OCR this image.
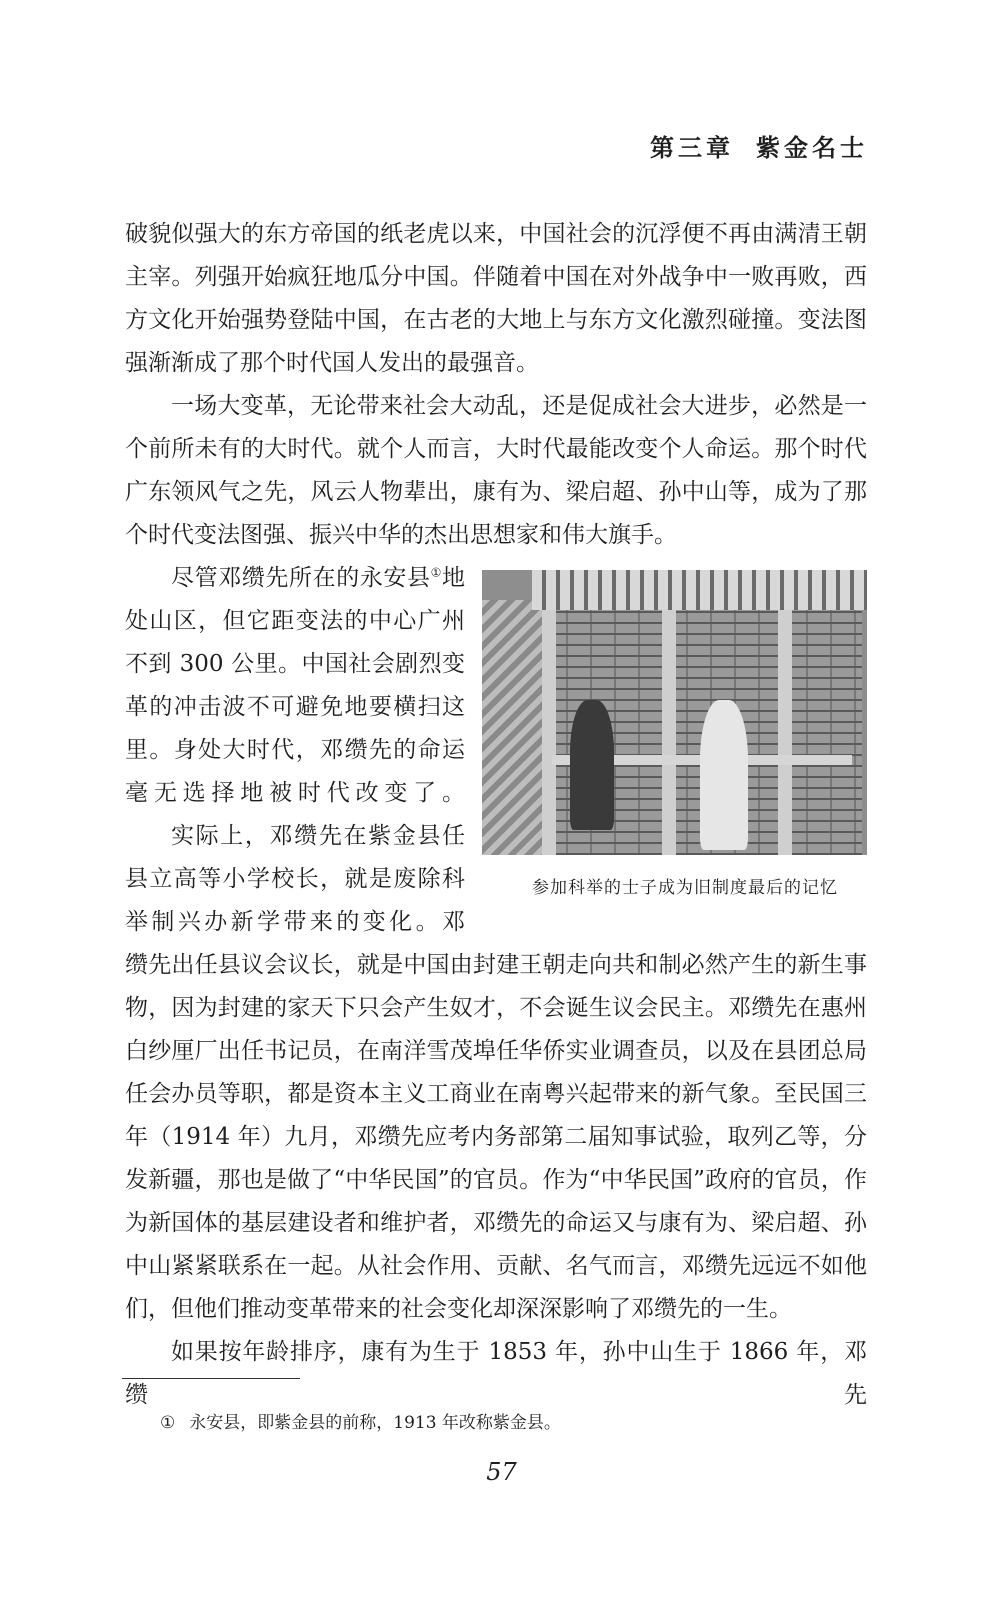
第三章 紫金名士

破貌似强大的东方帝国的纸老虎以来，中国社会的沉浮便不再由满清王朝主宰。列强开始疯狂地瓜分中国。伴随着中国在对外战争中一败再败，西方文化开始强势登陆中国，在古老的大地上与东方文化激烈碰撞。变法图强渐渐成了那个时代国人发出的最强音。

一场大变革，无论带来社会大动乱，还是促成社会大进步，必然是一个前所未有的大时代。就个人而言，大时代最能改变个人命运。那个时代广东领风气之先，风云人物辈出，康有为、梁启超、孙中山等，成为了那个时代变法图强、振兴中华的杰出思想家和伟大旗手。

尽管邓缵先所在的永安县①地处山区，但它距变法的中心广州不到 300 公里。中国社会剧烈变革的冲击波不可避免地要横扫这里。身处大时代，邓缵先的命运毫无选择地被时代改变了。

实际上，邓缵先在紫金县任县立高等小学校长，就是废除科举制兴办新学带来的变化。邓

缵先出任县议会议长，就是中国由封建王朝走向共和制必然产生的新生事物，因为封建的家天下只会产生奴才，不会诞生议会民主。邓缵先在惠州白纱厘厂出任书记员，在南洋雪茂埠任华侨实业调查员，以及在县团总局任会办员等职，都是资本主义工商业在南粤兴起带来的新气象。至民国三年（1914 年）九月，邓缵先应考内务部第二届知事试验，取列乙等，分发新疆，那也是做了“中华民国”的官员。作为“中华民国”政府的官员，作为新国体的基层建设者和维护者，邓缵先的命运又与康有为、梁启超、孙中山紧紧联系在一起。从社会作用、贡献、名气而言，邓缵先远远不如他们，但他们推动变革带来的社会变化却深深影响了邓缵先的一生。

如果按年龄排序，康有为生于 1853 年，孙中山生于 1866 年，邓缵先

参加科举的士子成为旧制度最后的记忆
① 永安县，即紫金县的前称，1913 年改称紫金县。
57
